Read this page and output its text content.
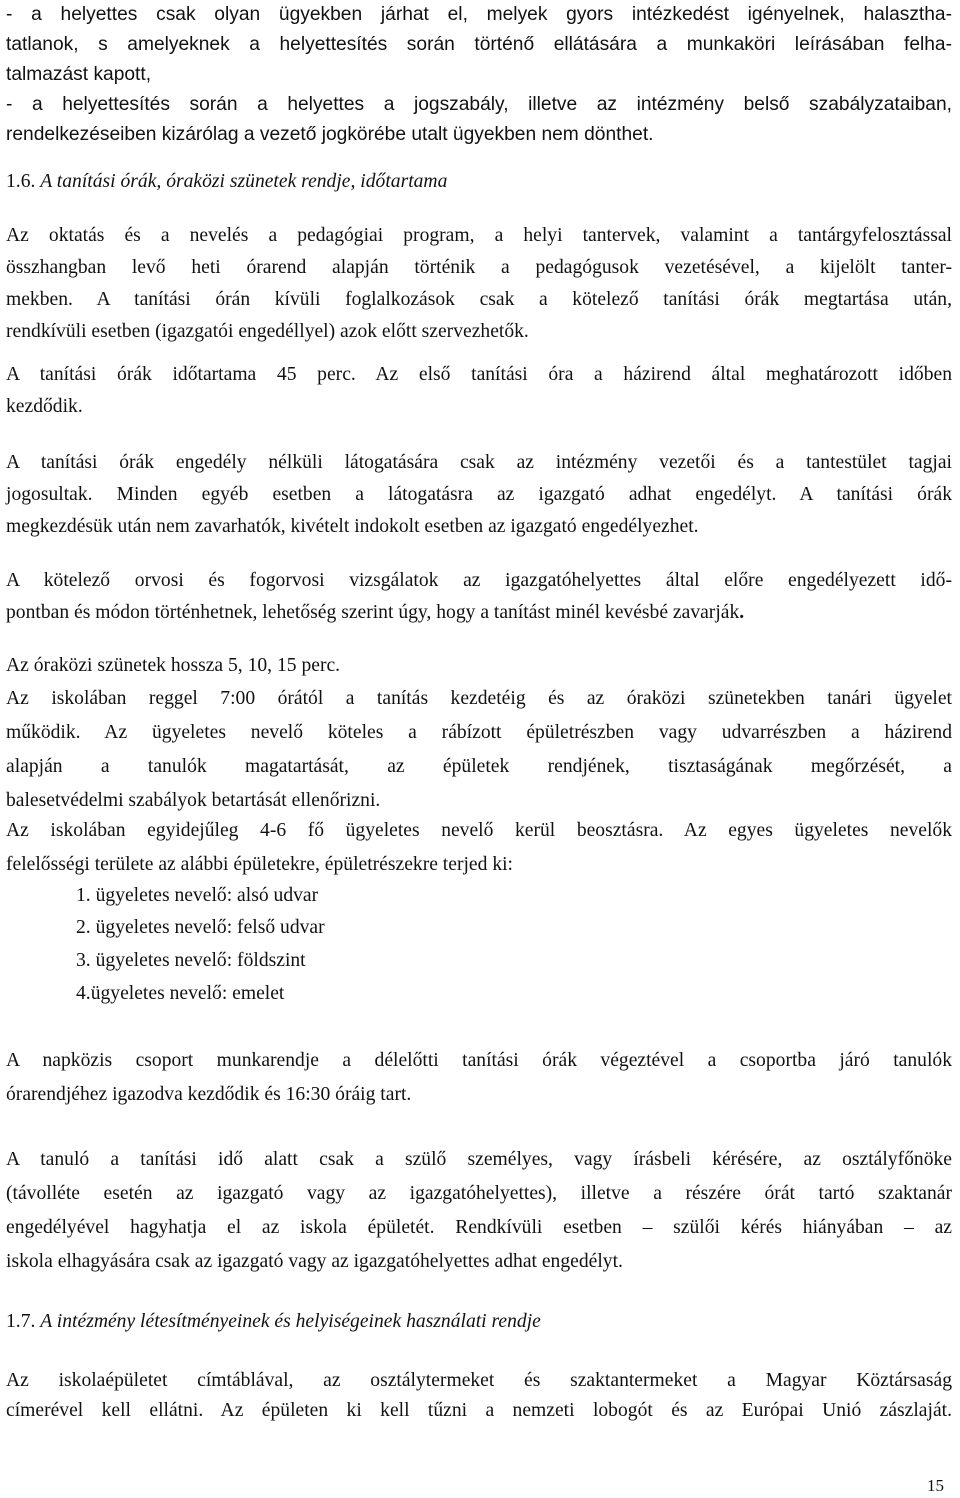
- a helyettes csak olyan ügyekben járhat el, melyek gyors intézkedést igényelnek, halasztha-
tatlanok, s amelyeknek a helyettesítés során történő ellátására a munkaköri leírásában felha-
talmazást kapott,
- a helyettesítés során a helyettes a jogszabály, illetve az intézmény belső szabályzataiban,
rendelkezéseiben kizárólag a vezető jogkörébe utalt ügyekben nem dönthet.
1.6. A tanítási órák, óraközi szünetek rendje, időtartama
Az oktatás és a nevelés a pedagógiai program, a helyi tantervek, valamint a tantárgyfelosztással
összhangban levő heti órarend alapján történik a pedagógusok vezetésével, a kijelölt tanter-
mekben. A tanítási órán kívüli foglalkozások csak a kötelező tanítási órák megtartása után,
rendkívüli esetben (igazgatói engedéllyel) azok előtt szervezhetők.
A tanítási órák időtartama 45 perc. Az első tanítási óra a házirend által meghatározott időben
kezdődik.
A tanítási órák engedély nélküli látogatására csak az intézmény vezetői és a tantestület tagjai
jogosultak. Minden egyéb esetben a látogatásra az igazgató adhat engedélyt. A tanítási órák
megkezdésük után nem zavarhatók, kivételt indokolt esetben az igazgató engedélyezhet.
A kötelező orvosi és fogorvosi vizsgálatok az igazgatóhelyettes által előre engedélyezett idő-
pontban és módon történhetnek, lehetőség szerint úgy, hogy a tanítást minél kevésbé zavarják.
Az óraközi szünetek hossza 5, 10, 15 perc.
Az iskolában reggel 7:00 órától a tanítás kezdetéig és az óraközi szünetekben tanári ügyelet
működik. Az ügyeletes nevelő köteles a rábízott épületrészben vagy udvarrészben a házirend
alapján a tanulók magatartását, az épületek rendjének, tisztaságának megőrzését, a
balesetvédelmi szabályok betartását ellenőrizni.
Az iskolában egyidejűleg 4-6 fő ügyeletes nevelő kerül beosztásra. Az egyes ügyeletes nevelők
felelősségi területe az alábbi épületekre, épületrészekre terjed ki:
1. ügyeletes nevelő: alsó udvar
2. ügyeletes nevelő: felső udvar
3. ügyeletes nevelő: földszint
4.ügyeletes nevelő: emelet
A napközis csoport munkarendje a délelőtti tanítási órák végeztével a csoportba járó tanulók
órarendjéhez igazodva kezdődik és 16:30 óráig tart.
A tanuló a tanítási idő alatt csak a szülő személyes, vagy írásbeli kérésére, az osztályfőnöke
(távolléte esetén az igazgató vagy az igazgatóhelyettes), illetve a részére órát tartó szaktanár
engedélyével hagyhatja el az iskola épületét. Rendkívüli esetben – szülői kérés hiányában – az
iskola elhagyására csak az igazgató vagy az igazgatóhelyettes adhat engedélyt.
1.7. A intézmény létesítményeinek és helyiségeinek használati rendje
Az iskolaépületet címtáblával, az osztálytermeket és szaktantermeket a Magyar Köztársaság
címerével kell ellátni. Az épületen ki kell tűzni a nemzeti lobogót és az Európai Unió zászlaját.
15
